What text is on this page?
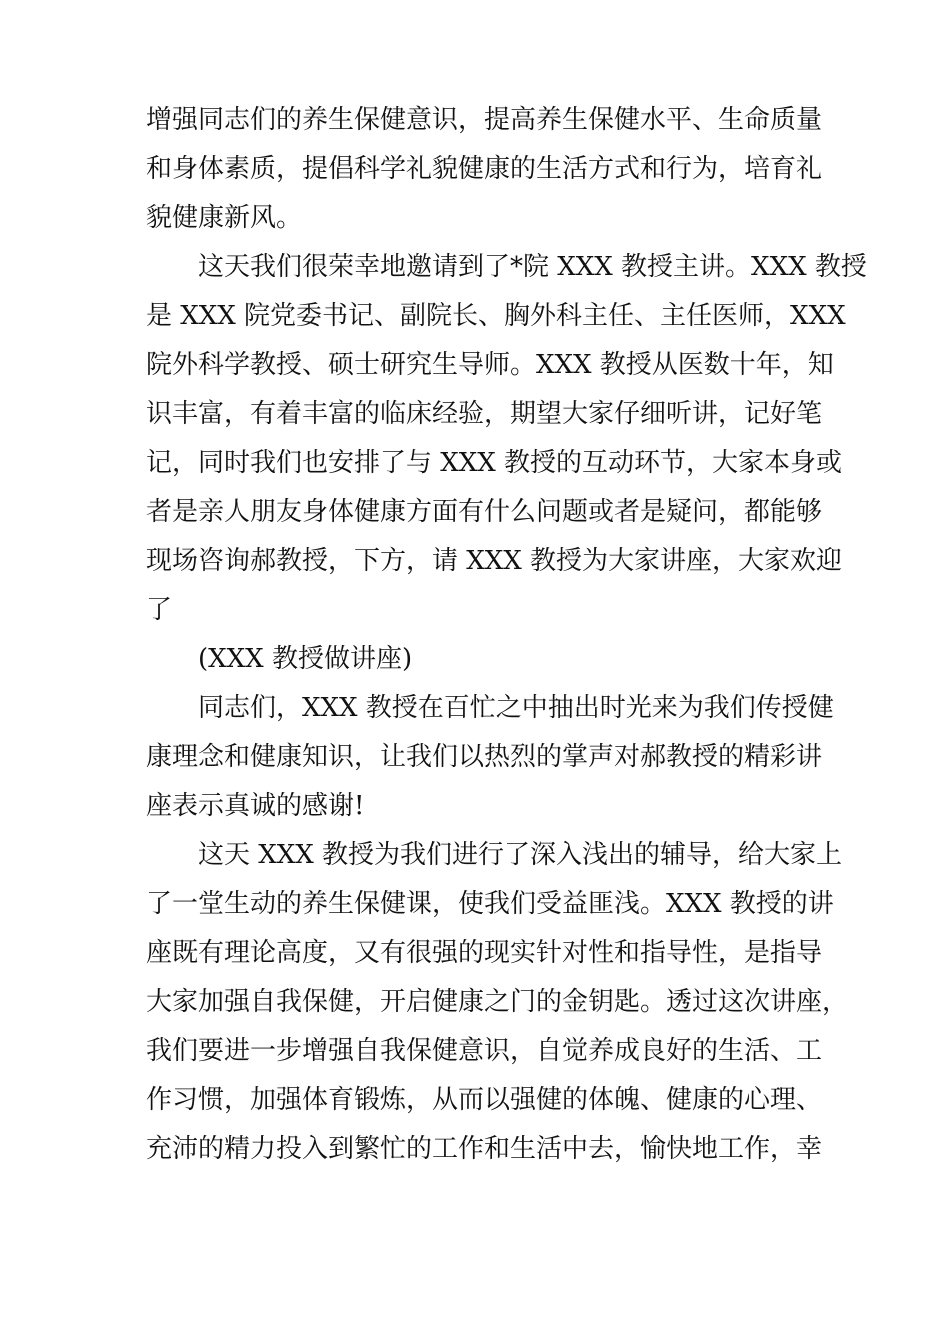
增强同志们的养生保健意识，提高养生保健水平、生命质量
和身体素质，提倡科学礼貌健康的生活方式和行为，培育礼
貌健康新风。
　　这天我们很荣幸地邀请到了*院 XXX 教授主讲。XXX 教授
是 XXX 院党委书记、副院长、胸外科主任、主任医师，XXX
院外科学教授、硕士研究生导师。XXX 教授从医数十年，知
识丰富，有着丰富的临床经验，期望大家仔细听讲，记好笔
记，同时我们也安排了与 XXX 教授的互动环节，大家本身或
者是亲人朋友身体健康方面有什么问题或者是疑问，都能够
现场咨询郝教授，下方，请 XXX 教授为大家讲座，大家欢迎
了
　　(XXX 教授做讲座)
　　同志们，XXX 教授在百忙之中抽出时光来为我们传授健
康理念和健康知识，让我们以热烈的掌声对郝教授的精彩讲
座表示真诚的感谢!
　　这天 XXX 教授为我们进行了深入浅出的辅导，给大家上
了一堂生动的养生保健课，使我们受益匪浅。XXX 教授的讲
座既有理论高度，又有很强的现实针对性和指导性，是指导
大家加强自我保健，开启健康之门的金钥匙。透过这次讲座，
我们要进一步增强自我保健意识，自觉养成良好的生活、工
作习惯，加强体育锻炼，从而以强健的体魄、健康的心理、
充沛的精力投入到繁忙的工作和生活中去，愉快地工作，幸
